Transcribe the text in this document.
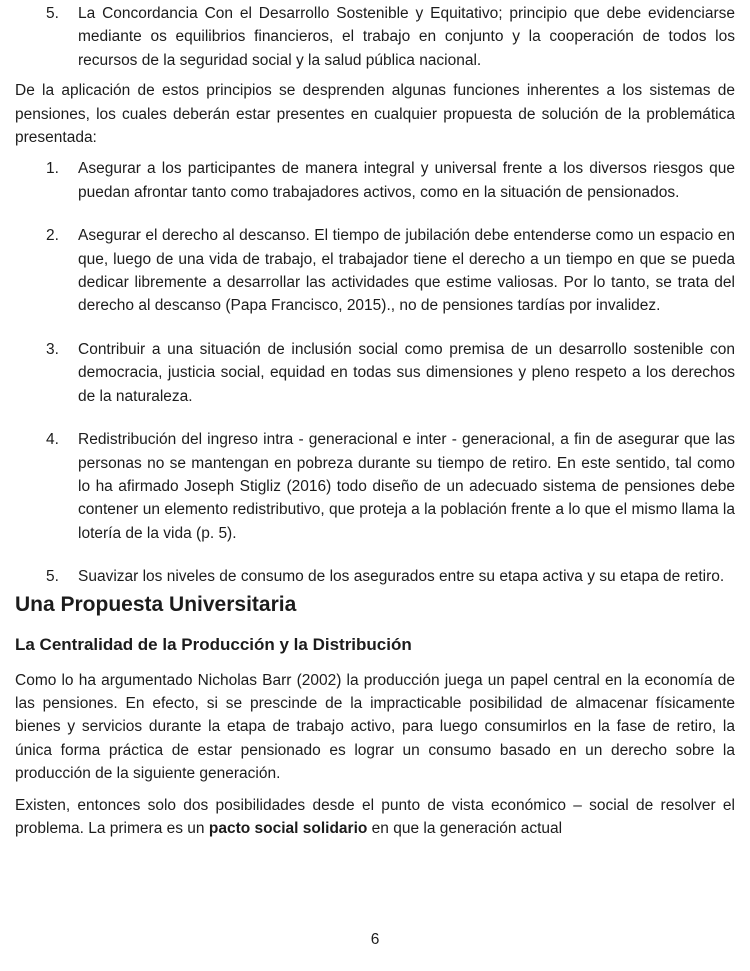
5. La Concordancia Con el Desarrollo Sostenible y Equitativo; principio que debe evidenciarse mediante os equilibrios financieros, el trabajo en conjunto y la cooperación de todos los recursos de la seguridad social y la salud pública nacional.

De la aplicación de estos principios se desprenden algunas funciones inherentes a los sistemas de pensiones, los cuales deberán estar presentes en cualquier propuesta de solución de la problemática presentada:

1. Asegurar a los participantes de manera integral y universal frente a los diversos riesgos que puedan afrontar tanto como trabajadores activos, como en la situación de pensionados.
2. Asegurar el derecho al descanso. El tiempo de jubilación debe entenderse como un espacio en que, luego de una vida de trabajo, el trabajador tiene el derecho a un tiempo en que se pueda dedicar libremente a desarrollar las actividades que estime valiosas. Por lo tanto, se trata del derecho al descanso (Papa Francisco, 2015)., no de pensiones tardías por invalidez.
3. Contribuir a una situación de inclusión social como premisa de un desarrollo sostenible con democracia, justicia social, equidad en todas sus dimensiones y pleno respeto a los derechos de la naturaleza.
4. Redistribución del ingreso intra - generacional e inter - generacional, a fin de asegurar que las personas no se mantengan en pobreza durante su tiempo de retiro. En este sentido, tal como lo ha afirmado Joseph Stigliz (2016) todo diseño de un adecuado sistema de pensiones debe contener un elemento redistributivo, que proteja a la población frente a lo que el mismo llama la lotería de la vida (p. 5).
5. Suavizar los niveles de consumo de los asegurados entre su etapa activa y su etapa de retiro.
Una Propuesta Universitaria
La Centralidad de la Producción y la Distribución

Como lo ha argumentado Nicholas Barr (2002) la producción juega un papel central en la economía de las pensiones. En efecto, si se prescinde de la impracticable posibilidad de almacenar físicamente bienes y servicios durante la etapa de trabajo activo, para luego consumirlos en la fase de retiro, la única forma práctica de estar pensionado es lograr un consumo basado en un derecho sobre la producción de la siguiente generación.

Existen, entonces solo dos posibilidades desde el punto de vista económico – social de resolver el problema. La primera es un pacto social solidario en que la generación actual

6
